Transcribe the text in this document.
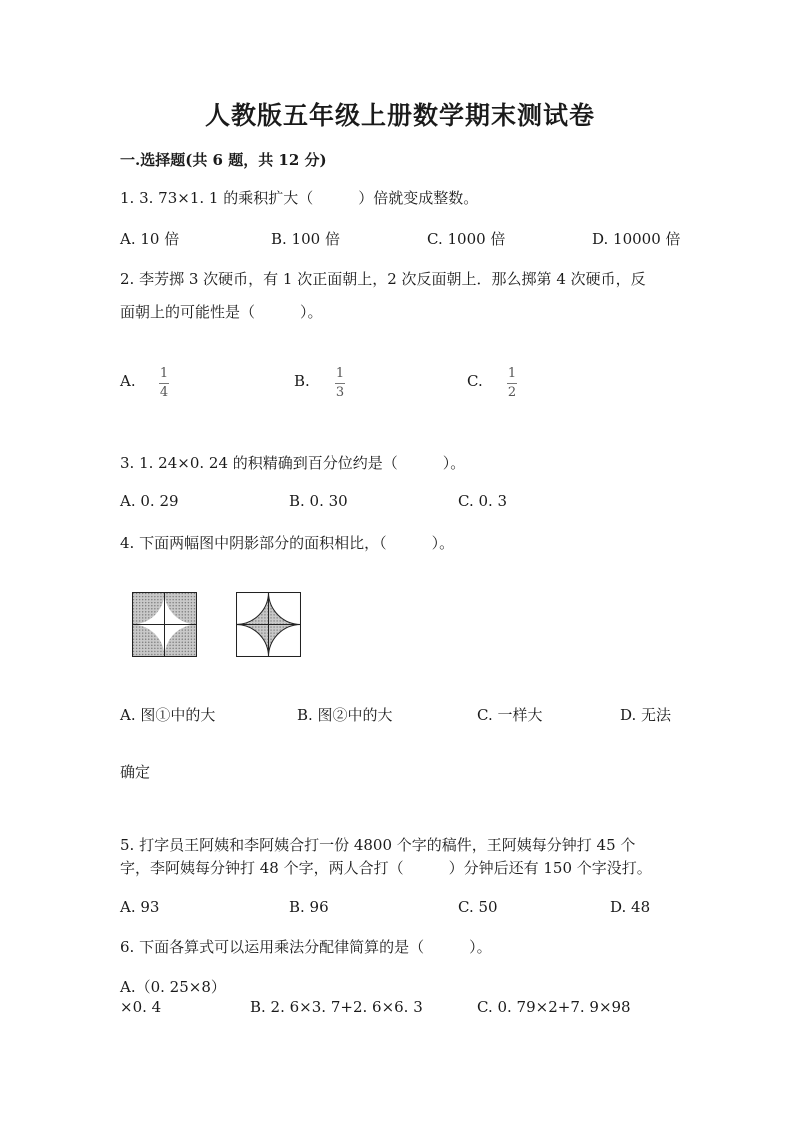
人教版五年级上册数学期末测试卷
一.选择题(共 6 题，共 12 分)
1. 3. 73×1. 1 的乘积扩大（　　　）倍就变成整数。
A. 10 倍	B. 100 倍	C. 1000 倍	D. 10000 倍
2. 李芳掷 3 次硬币，有 1 次正面朝上，2 次反面朝上．那么掷第 4 次硬币，反
面朝上的可能性是（　　　）。
A. 1
4
B. 1
3
C. 1
2
3. 1. 24×0. 24 的积精确到百分位约是（　　　）。
A. 0. 29	B. 0. 30	C. 0. 3
4. 下面两幅图中阴影部分的面积相比，（　　　）。
A. 图①中的大	B. 图②中的大	C. 一样大	D. 无法
确定
5. 打字员王阿姨和李阿姨合打一份 4800 个字的稿件，王阿姨每分钟打 45 个
字，李阿姨每分钟打 48 个字，两人合打（　　　）分钟后还有 150 个字没打。
A. 93	B. 96	C. 50	D. 48
6. 下面各算式可以运用乘法分配律简算的是（　　　）。
A.（0. 25×8）
×0. 4	B. 2. 6×3. 7+2. 6×6. 3	C. 0. 79×2+7. 9×98
